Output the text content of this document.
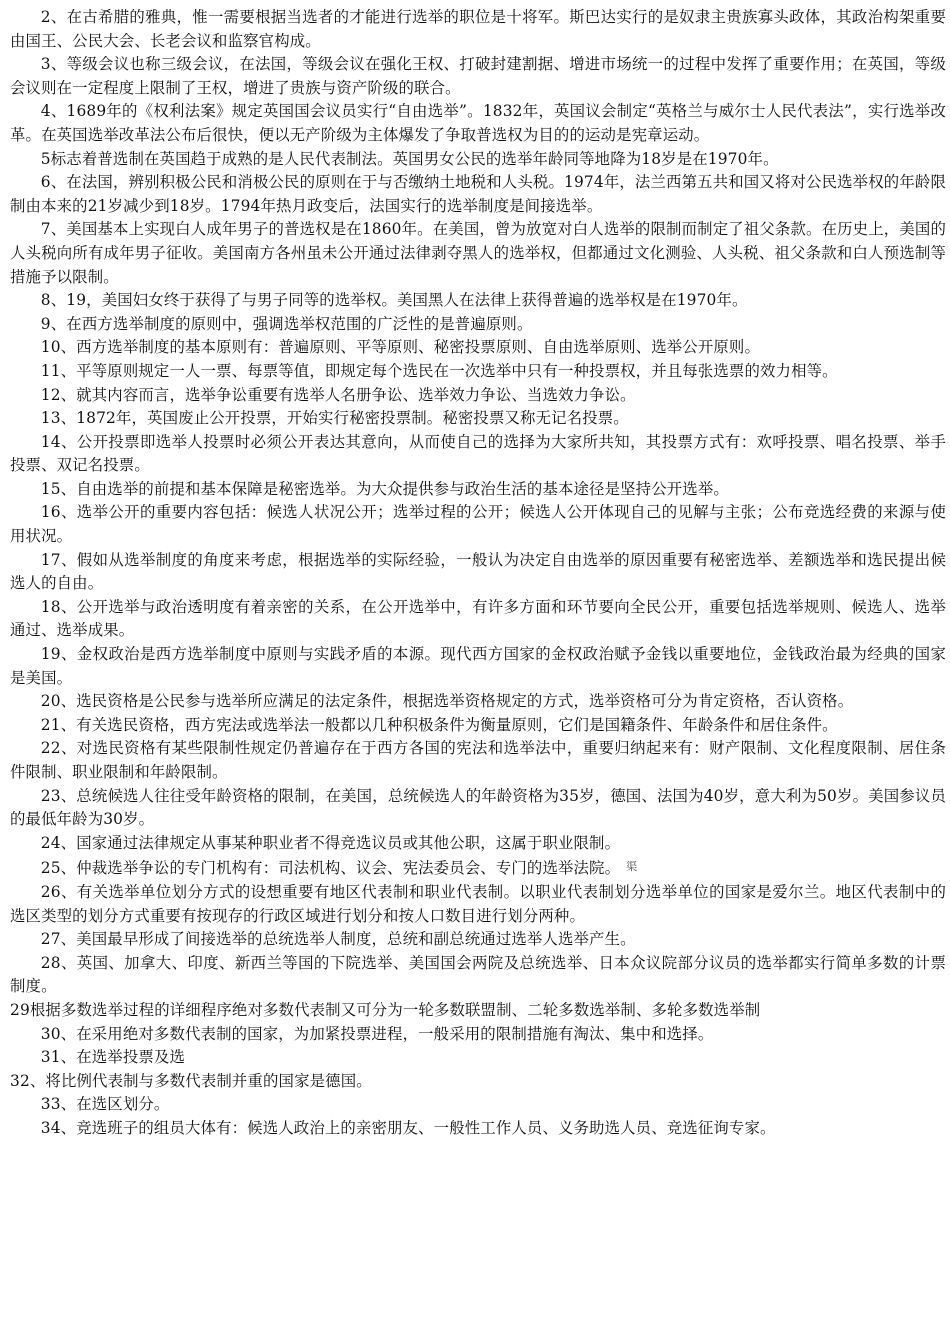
2、在古希腊的雅典，惟一需要根据当选者的才能进行选举的职位是十将军。斯巴达实行的是奴隶主贵族寡头政体，其政治构架重要由国王、公民大会、长老会议和监察官构成。

3、等级会议也称三级会议，在法国，等级会议在强化王权、打破封建割据、增进市场统一的过程中发挥了重要作用；在英国，等级会议则在一定程度上限制了王权，增进了贵族与资产阶级的联合。

4、1689年的《权利法案》规定英国国会议员实行“自由选举”。1832年，英国议会制定“英格兰与威尔士人民代表法”，实行选举改革。在英国选举改革法公布后很快，便以无产阶级为主体爆发了争取普选权为目的的运动是宪章运动。

5标志着普选制在英国趋于成熟的是人民代表制法。英国男女公民的选举年龄同等地降为18岁是在1970年。

6、在法国，辨别积极公民和消极公民的原则在于与否缴纳土地税和人头税。1974年，法兰西第五共和国又将对公民选举权的年龄限制由本来的21岁减少到18岁。1794年热月政变后，法国实行的选举制度是间接选举。

7、美国基本上实现白人成年男子的普选权是在1860年。在美国，曾为放宽对白人选举的限制而制定了祖父条款。在历史上，美国的人头税向所有成年男子征收。美国南方各州虽未公开通过法律剥夺黑人的选举权，但都通过文化测验、人头税、祖父条款和白人预选制等措施予以限制。

8、19，美国妇女终于获得了与男子同等的选举权。美国黑人在法律上获得普遍的选举权是在1970年。

9、在西方选举制度的原则中，强调选举权范围的广泛性的是普遍原则。

10、西方选举制度的基本原则有：普遍原则、平等原则、秘密投票原则、自由选举原则、选举公开原则。

11、平等原则规定一人一票、每票等值，即规定每个选民在一次选举中只有一种投票权，并且每张选票的效力相等。

12、就其内容而言，选举争讼重要有选举人名册争讼、选举效力争讼、当选效力争讼。

13、1872年，英国废止公开投票，开始实行秘密投票制。秘密投票又称无记名投票。

14、公开投票即选举人投票时必须公开表达其意向，从而使自己的选择为大家所共知，其投票方式有：欢呼投票、唱名投票、举手投票、双记名投票。

15、自由选举的前提和基本保障是秘密选举。为大众提供参与政治生活的基本途径是坚持公开选举。

16、选举公开的重要内容包括：候选人状况公开；选举过程的公开；候选人公开体现自己的见解与主张；公布竞选经费的来源与使用状况。

17、假如从选举制度的角度来考虑，根据选举的实际经验，一般认为决定自由选举的原因重要有秘密选举、差额选举和选民提出候选人的自由。

18、公开选举与政治透明度有着亲密的关系，在公开选举中，有许多方面和环节要向全民公开，重要包括选举规则、候选人、选举通过、选举成果。

19、金权政治是西方选举制度中原则与实践矛盾的本源。现代西方国家的金权政治赋予金钱以重要地位，金钱政治最为经典的国家是美国。

20、选民资格是公民参与选举所应满足的法定条件，根据选举资格规定的方式，选举资格可分为肯定资格，否认资格。

21、有关选民资格，西方宪法或选举法一般都以几种积极条件为衡量原则，它们是国籍条件、年龄条件和居住条件。

22、对选民资格有某些限制性规定仍普遍存在于西方各国的宪法和选举法中，重要归纳起来有：财产限制、文化程度限制、居住条件限制、职业限制和年龄限制。

23、总统候选人往往受年龄资格的限制，在美国，总统候选人的年龄资格为35岁，德国、法国为40岁，意大利为50岁。美国参议员的最低年龄为30岁。

24、国家通过法律规定从事某种职业者不得竞选议员或其他公职，这属于职业限制。

25、仲裁选举争讼的专门机构有：司法机构、议会、宪法委员会、专门的选举法院。 渠

26、有关选举单位划分方式的设想重要有地区代表制和职业代表制。以职业代表制划分选举单位的国家是爱尔兰。地区代表制中的选区类型的划分方式重要有按现存的行政区域进行划分和按人口数目进行划分两种。

27、美国最早形成了间接选举的总统选举人制度，总统和副总统通过选举人选举产生。

28、英国、加拿大、印度、新西兰等国的下院选举、美国国会两院及总统选举、日本众议院部分议员的选举都实行简单多数的计票制度。

29根据多数选举过程的详细程序绝对多数代表制又可分为一轮多数联盟制、二轮多数选举制、多轮多数选举制

30、在采用绝对多数代表制的国家，为加紧投票进程，一般采用的限制措施有淘汰、集中和选择。

31、在选举投票及选

32、将比例代表制与多数代表制并重的国家是德国。

33、在选区划分。

34、竞选班子的组员大体有：候选人政治上的亲密朋友、一般性工作人员、义务助选人员、竞选征询专家。
